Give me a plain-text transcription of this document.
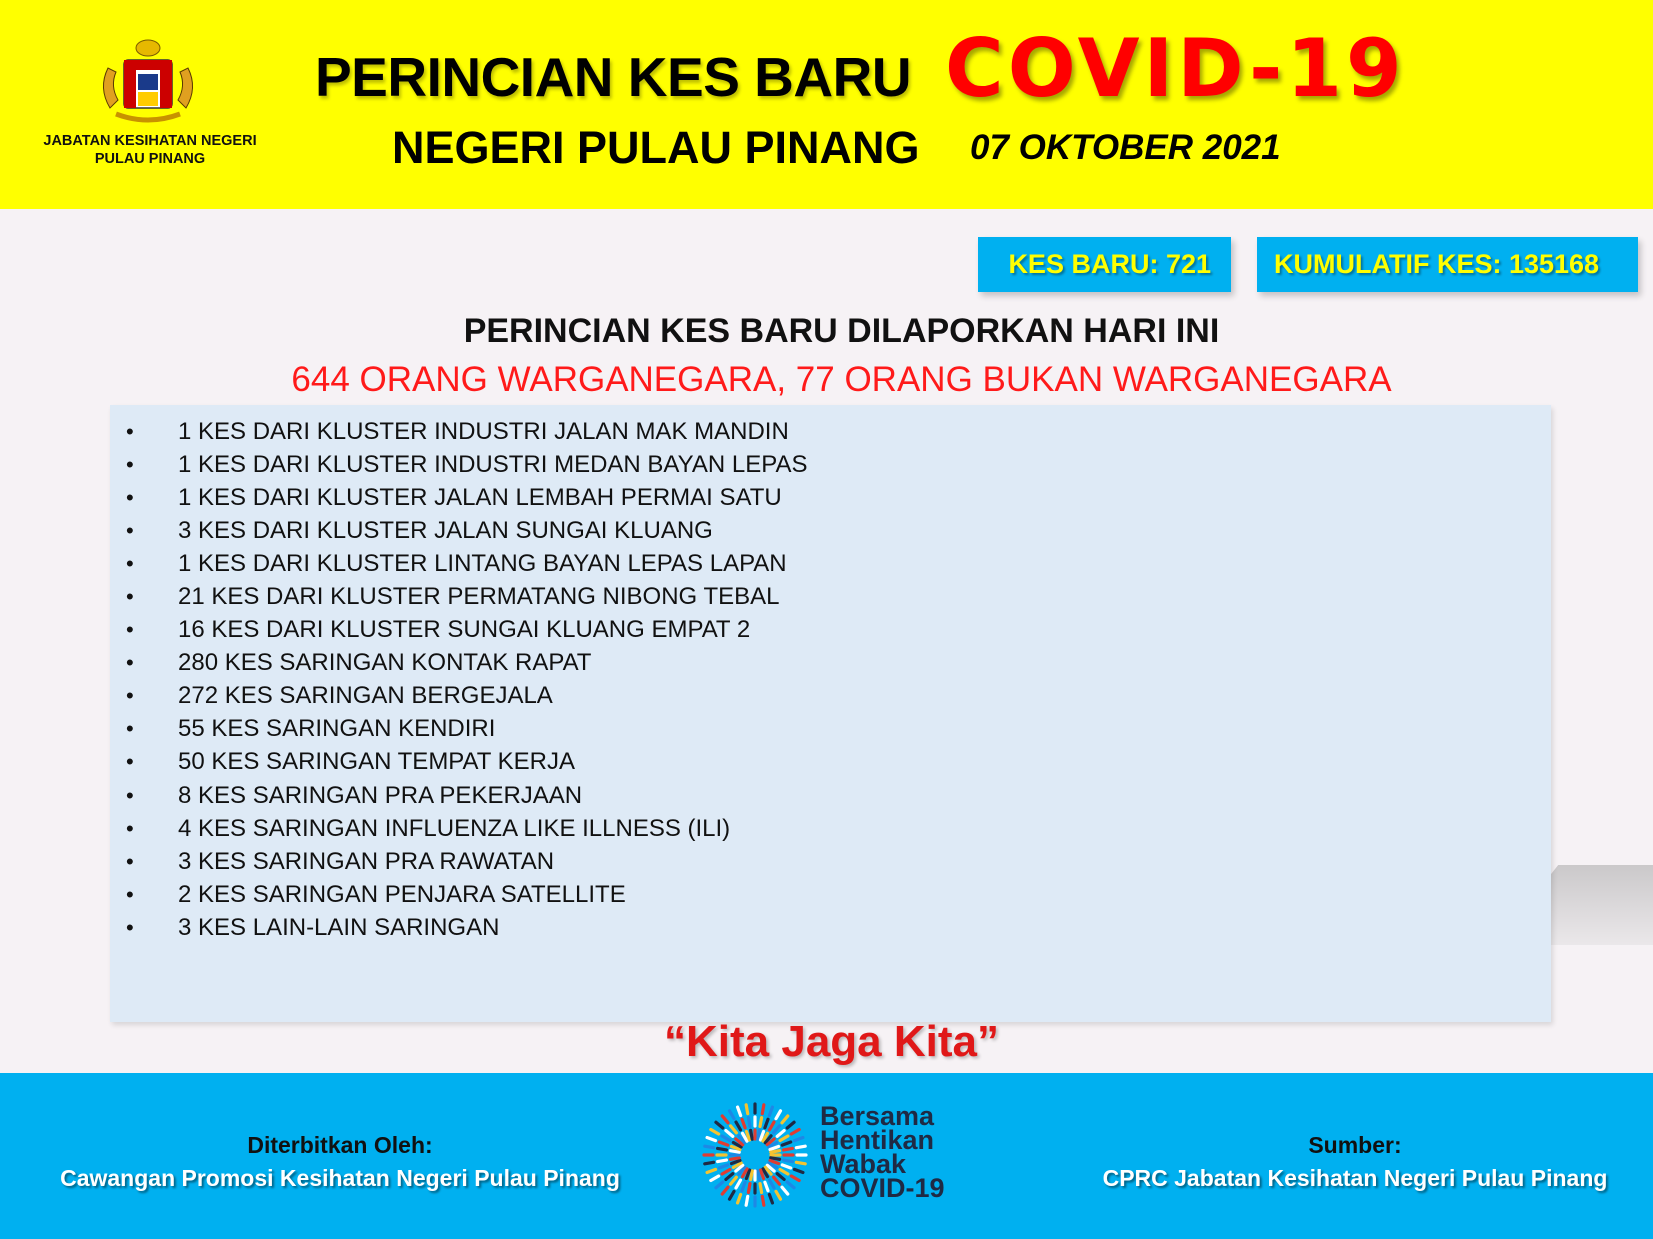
JABATAN KESIHATAN NEGERI
PULAU PINANG
PERINCIAN KES BARU COVID-19
NEGERI PULAU PINANG 07 OKTOBER 2021
KES BARU: 721	KUMULATIF KES: 135168
PERINCIAN KES BARU DILAPORKAN HARI INI
644 ORANG WARGANEGARA, 77 ORANG BUKAN WARGANEGARA
•	1 KES DARI KLUSTER INDUSTRI JALAN MAK MANDIN
•	1 KES DARI KLUSTER INDUSTRI MEDAN BAYAN LEPAS
•	1 KES DARI KLUSTER JALAN LEMBAH PERMAI SATU
•	3 KES DARI KLUSTER JALAN SUNGAI KLUANG
•	1 KES DARI KLUSTER LINTANG BAYAN LEPAS LAPAN
•	21 KES DARI KLUSTER PERMATANG NIBONG TEBAL
•	16 KES DARI KLUSTER SUNGAI KLUANG EMPAT 2
•	280 KES SARINGAN KONTAK RAPAT
•	272 KES SARINGAN BERGEJALA
•	55 KES SARINGAN KENDIRI
•	50 KES SARINGAN TEMPAT KERJA
•	8 KES SARINGAN PRA PEKERJAAN
•	4 KES SARINGAN INFLUENZA LIKE ILLNESS (ILI)
•	3 KES SARINGAN PRA RAWATAN
•	2 KES SARINGAN PENJARA SATELLITE
•	3 KES LAIN-LAIN SARINGAN
“Kita Jaga Kita”
Diterbitkan Oleh:
Cawangan Promosi Kesihatan Negeri Pulau Pinang
Bersama
Hentikan
Wabak
COVID-19
Sumber:
CPRC Jabatan Kesihatan Negeri Pulau Pinang
